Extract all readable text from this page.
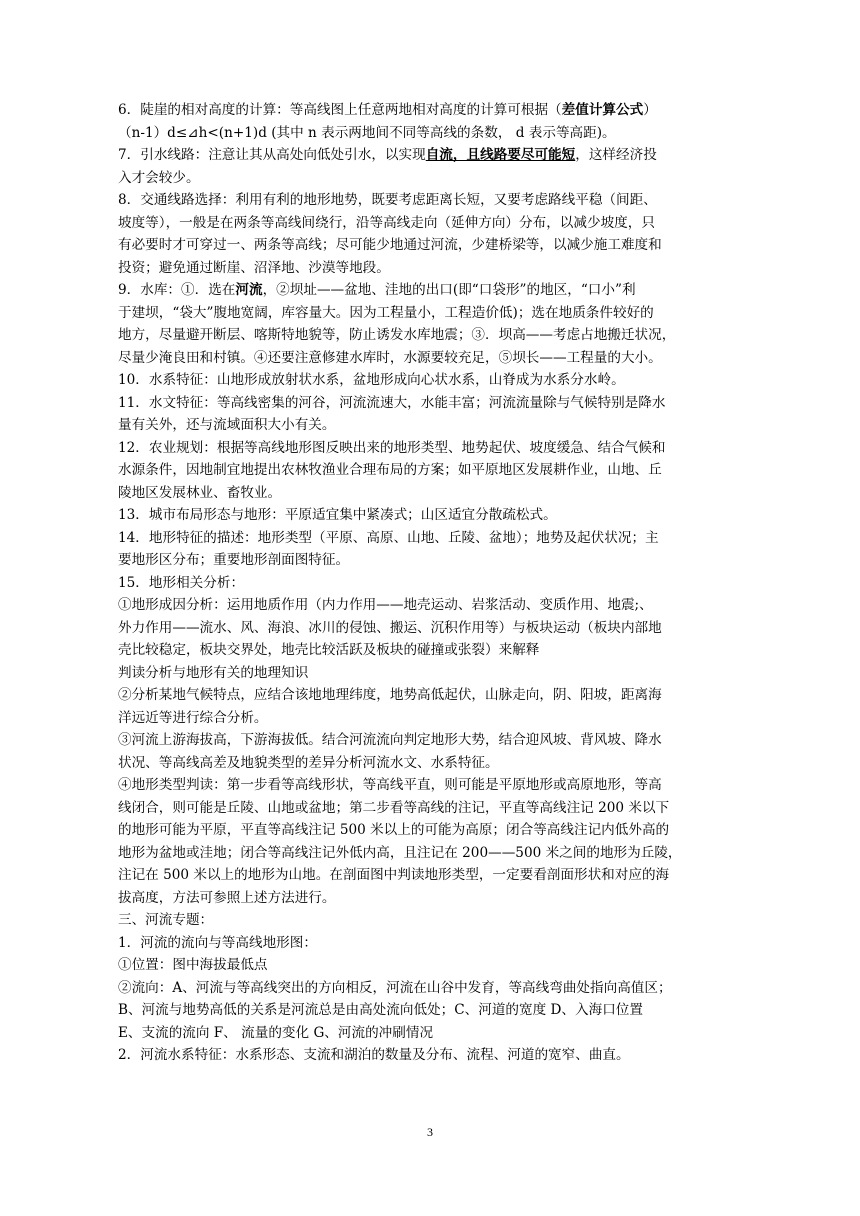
6．陡崖的相对高度的计算：等高线图上任意两地相对高度的计算可根据（差值计算公式）
（n-1）d≤⊿h<(n+1)d (其中 n 表示两地间不同等高线的条数， d 表示等高距)。
7．引水线路：注意让其从高处向低处引水，以实现自流，且线路要尽可能短，这样经济投
入才会较少。
8．交通线路选择：利用有利的地形地势，既要考虑距离长短，又要考虑路线平稳（间距、
坡度等），一般是在两条等高线间绕行，沿等高线走向（延伸方向）分布，以减少坡度，只
有必要时才可穿过一、两条等高线；尽可能少地通过河流，少建桥梁等，以减少施工难度和
投资；避免通过断崖、沼泽地、沙漠等地段。
9．水库：①．选在河流，②坝址——盆地、洼地的出口(即“口袋形”的地区，“口小”利
于建坝，“袋大”腹地宽阔，库容量大。因为工程量小，工程造价低)；选在地质条件较好的
地方，尽量避开断层、喀斯特地貌等，防止诱发水库地震；③．坝高——考虑占地搬迁状况，
尽量少淹良田和村镇。④还要注意修建水库时，水源要较充足，⑤坝长——工程量的大小。
10．水系特征：山地形成放射状水系，盆地形成向心状水系，山脊成为水系分水岭。
11．水文特征：等高线密集的河谷，河流流速大，水能丰富；河流流量除与气候特别是降水
量有关外，还与流域面积大小有关。
12．农业规划：根据等高线地形图反映出来的地形类型、地势起伏、坡度缓急、结合气候和
水源条件，因地制宜地提出农林牧渔业合理布局的方案；如平原地区发展耕作业，山地、丘
陵地区发展林业、畜牧业。
13．城市布局形态与地形：平原适宜集中紧凑式；山区适宜分散疏松式。
14．地形特征的描述：地形类型（平原、高原、山地、丘陵、盆地）；地势及起伏状况；主
要地形区分布；重要地形剖面图特征。
15．地形相关分析：
①地形成因分析：运用地质作用（内力作用——地壳运动、岩浆活动、变质作用、地震;、
外力作用——流水、风、海浪、冰川的侵蚀、搬运、沉积作用等）与板块运动（板块内部地
壳比较稳定，板块交界处，地壳比较活跃及板块的碰撞或张裂）来解释
判读分析与地形有关的地理知识
②分析某地气候特点，应结合该地地理纬度，地势高低起伏，山脉走向，阴、阳坡，距离海
洋远近等进行综合分析。
③河流上游海拔高，下游海拔低。结合河流流向判定地形大势，结合迎风坡、背风坡、降水
状况、等高线高差及地貌类型的差异分析河流水文、水系特征。
④地形类型判读：第一步看等高线形状，等高线平直，则可能是平原地形或高原地形，等高
线闭合，则可能是丘陵、山地或盆地；第二步看等高线的注记，平直等高线注记 200 米以下
的地形可能为平原，平直等高线注记 500 米以上的可能为高原；闭合等高线注记内低外高的
地形为盆地或洼地；闭合等高线注记外低内高，且注记在 200——500 米之间的地形为丘陵，
注记在 500 米以上的地形为山地。在剖面图中判读地形类型，一定要看剖面形状和对应的海
拔高度，方法可参照上述方法进行。
三、河流专题：
1．河流的流向与等高线地形图：
①位置：图中海拔最低点
②流向：A、河流与等高线突出的方向相反，河流在山谷中发育，等高线弯曲处指向高值区；
B、河流与地势高低的关系是河流总是由高处流向低处；C、河道的宽度 D、入海口位置
E、支流的流向 F、 流量的变化 G、河流的冲刷情况
2．河流水系特征：水系形态、支流和湖泊的数量及分布、流程、河道的宽窄、曲直。
3
